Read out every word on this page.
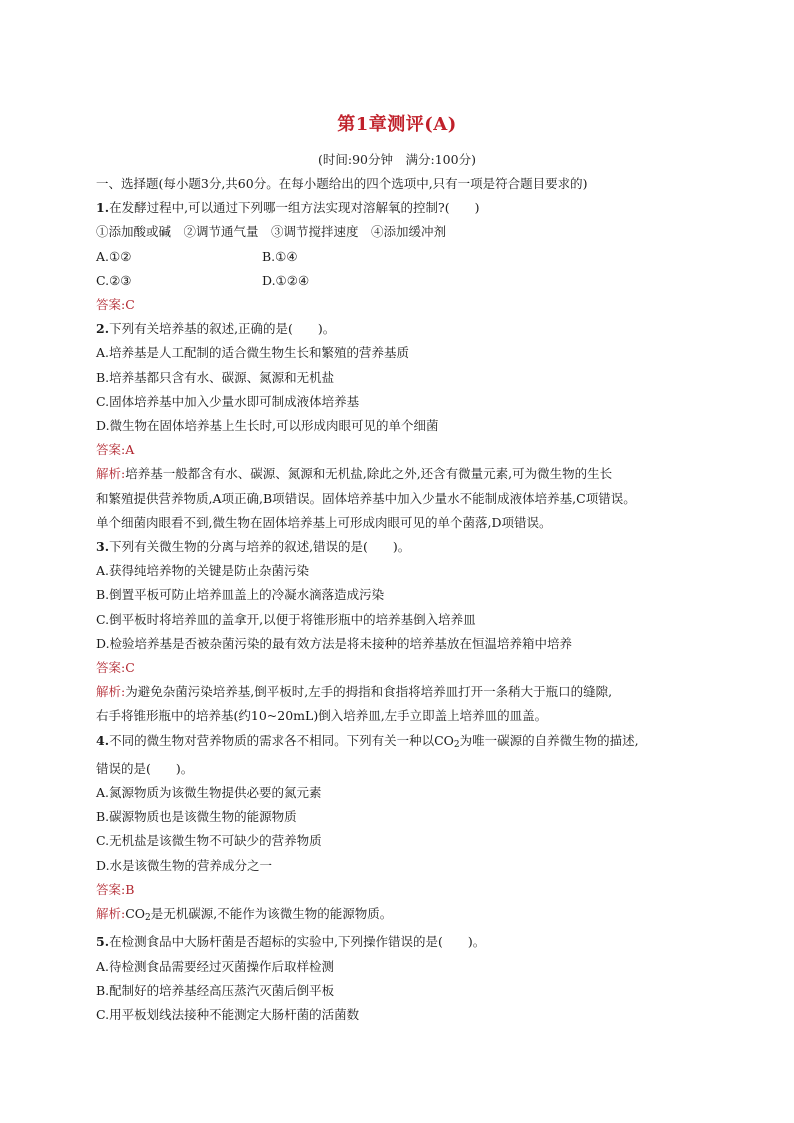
第1章测评(A)
(时间:90分钟　满分:100分)
一、选择题(每小题3分,共60分。在每小题给出的四个选项中,只有一项是符合题目要求的)
1.在发酵过程中,可以通过下列哪一组方法实现对溶解氧的控制?(　　)
①添加酸或碱　②调节通气量　③调节搅拌速度　④添加缓冲剂
A.①②	B.①④
C.②③	D.①②④
答案:C
2.下列有关培养基的叙述,正确的是(　　)。
A.培养基是人工配制的适合微生物生长和繁殖的营养基质
B.培养基都只含有水、碳源、氮源和无机盐
C.固体培养基中加入少量水即可制成液体培养基
D.微生物在固体培养基上生长时,可以形成肉眼可见的单个细菌
答案:A
解析:培养基一般都含有水、碳源、氮源和无机盐,除此之外,还含有微量元素,可为微生物的生长
和繁殖提供营养物质,A项正确,B项错误。固体培养基中加入少量水不能制成液体培养基,C项错误。
单个细菌肉眼看不到,微生物在固体培养基上可形成肉眼可见的单个菌落,D项错误。
3.下列有关微生物的分离与培养的叙述,错误的是(　　)。
A.获得纯培养物的关键是防止杂菌污染
B.倒置平板可防止培养皿盖上的冷凝水滴落造成污染
C.倒平板时将培养皿的盖拿开,以便于将锥形瓶中的培养基倒入培养皿
D.检验培养基是否被杂菌污染的最有效方法是将未接种的培养基放在恒温培养箱中培养
答案:C
解析:为避免杂菌污染培养基,倒平板时,左手的拇指和食指将培养皿打开一条稍大于瓶口的缝隙,
右手将锥形瓶中的培养基(约10~20mL)倒入培养皿,左手立即盖上培养皿的皿盖。
4.不同的微生物对营养物质的需求各不相同。下列有关一种以$CO_2$为唯一碳源的自养微生物的描述,
错误的是(　　)。
A.氮源物质为该微生物提供必要的氮元素
B.碳源物质也是该微生物的能源物质
C.无机盐是该微生物不可缺少的营养物质
D.水是该微生物的营养成分之一
答案:B
解析$:CO_2$是无机碳源,不能作为该微生物的能源物质。
5.在检测食品中大肠杆菌是否超标的实验中,下列操作错误的是(　　)。
A.待检测食品需要经过灭菌操作后取样检测
B.配制好的培养基经高压蒸汽灭菌后倒平板
C.用平板划线法接种不能测定大肠杆菌的活菌数
